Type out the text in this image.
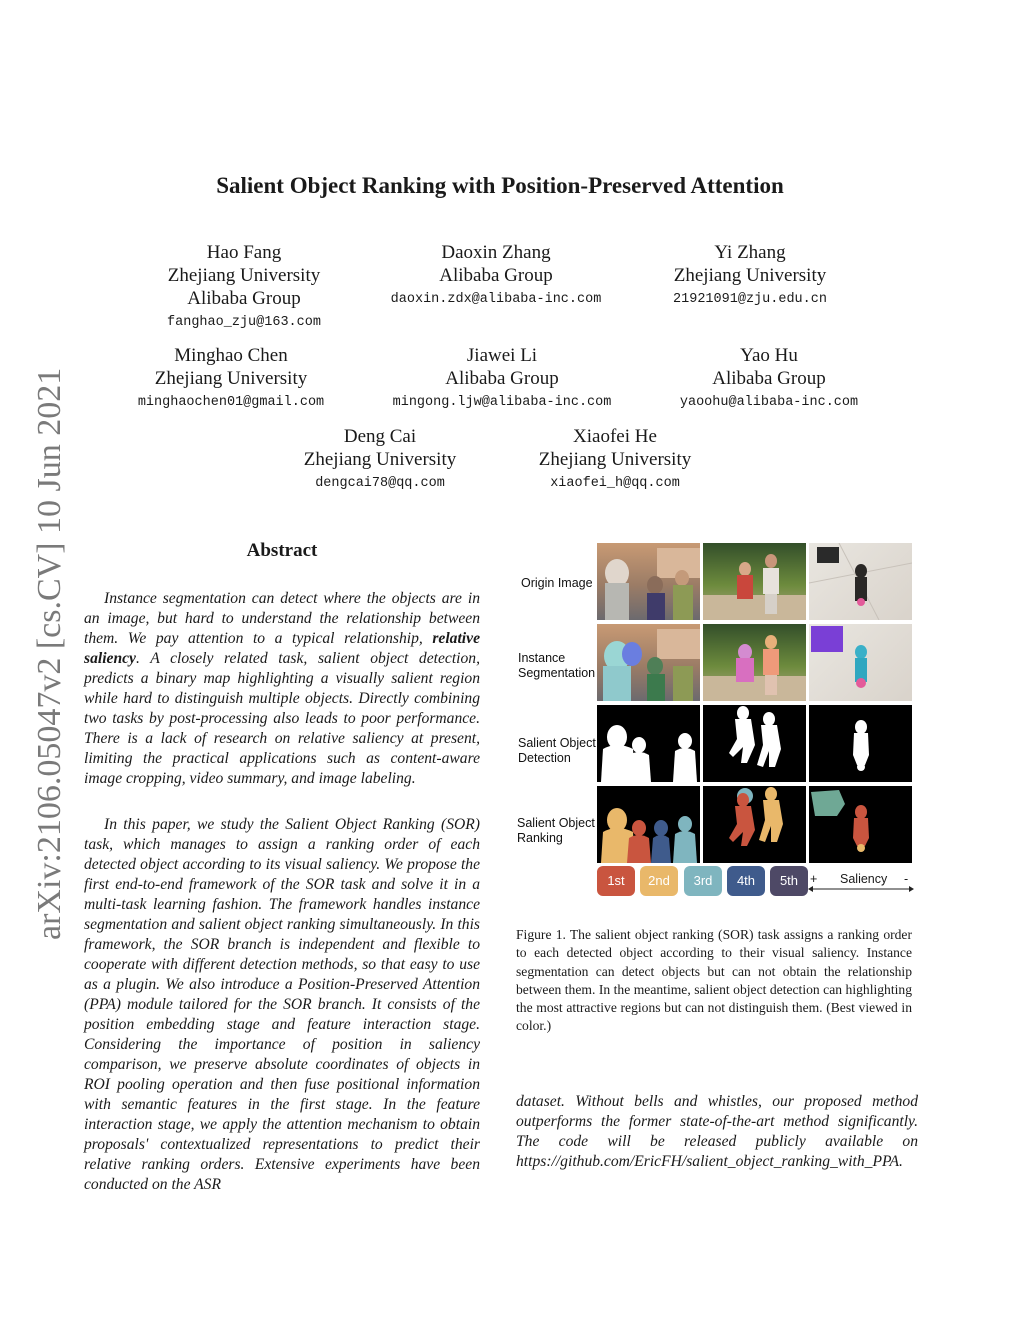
Salient Object Ranking with Position-Preserved Attention
Hao Fang
Zhejiang University
Alibaba Group
fanghao_zju@163.com
Daoxin Zhang
Alibaba Group
daoxin.zdx@alibaba-inc.com
Yi Zhang
Zhejiang University
21921091@zju.edu.cn
Minghao Chen
Zhejiang University
minghaochen01@gmail.com
Jiawei Li
Alibaba Group
mingong.ljw@alibaba-inc.com
Yao Hu
Alibaba Group
yaoohu@alibaba-inc.com
Deng Cai
Zhejiang University
dengcai78@qq.com
Xiaofei He
Zhejiang University
xiaofei_h@qq.com
arXiv:2106.05047v2 [cs.CV] 10 Jun 2021	Abstract
Instance segmentation can detect where the objects are in an image, but hard to understand the relationship between them. We pay attention to a typical relationship, relative saliency. A closely related task, salient object detection, predicts a binary map highlighting a visually salient region while hard to distinguish multiple objects. Directly combining two tasks by post-processing also leads to poor performance. There is a lack of research on relative saliency at present, limiting the practical applications such as content-aware image cropping, video summary, and image labeling.
In this paper, we study the Salient Object Ranking (SOR) task, which manages to assign a ranking order of each detected object according to its visual saliency. We propose the first end-to-end framework of the SOR task and solve it in a multi-task learning fashion. The framework handles instance segmentation and salient object ranking simultaneously. In this framework, the SOR branch is independent and flexible to cooperate with different detection methods, so that easy to use as a plugin. We also introduce a Position-Preserved Attention (PPA) module tailored for the SOR branch. It consists of the position embedding stage and feature interaction stage. Considering the importance of position in saliency comparison, we preserve absolute coordinates of objects in ROI pooling operation and then fuse positional information with semantic features in the first stage. In the feature interaction stage, we apply the attention mechanism to obtain proposals' contextualized representations to predict their relative ranking orders. Extensive experiments have been conducted on the ASR
Origin Image
Instance
Segmentation
Salient Object
Detection
Salient Object
Ranking
1st	2nd	3rd	4th	5th + Saliency -
Figure 1. The salient object ranking (SOR) task assigns a ranking order to each detected object according to their visual saliency. Instance segmentation can detect objects but can not obtain the relationship between them. In the meantime, salient object detection can highlighting the most attractive regions but can not distinguish them. (Best viewed in color.)
dataset. Without bells and whistles, our proposed method outperforms the former state-of-the-art method significantly. The code will be released publicly available on https://github.com/EricFH/salient_object_ranking_with_PPA.
